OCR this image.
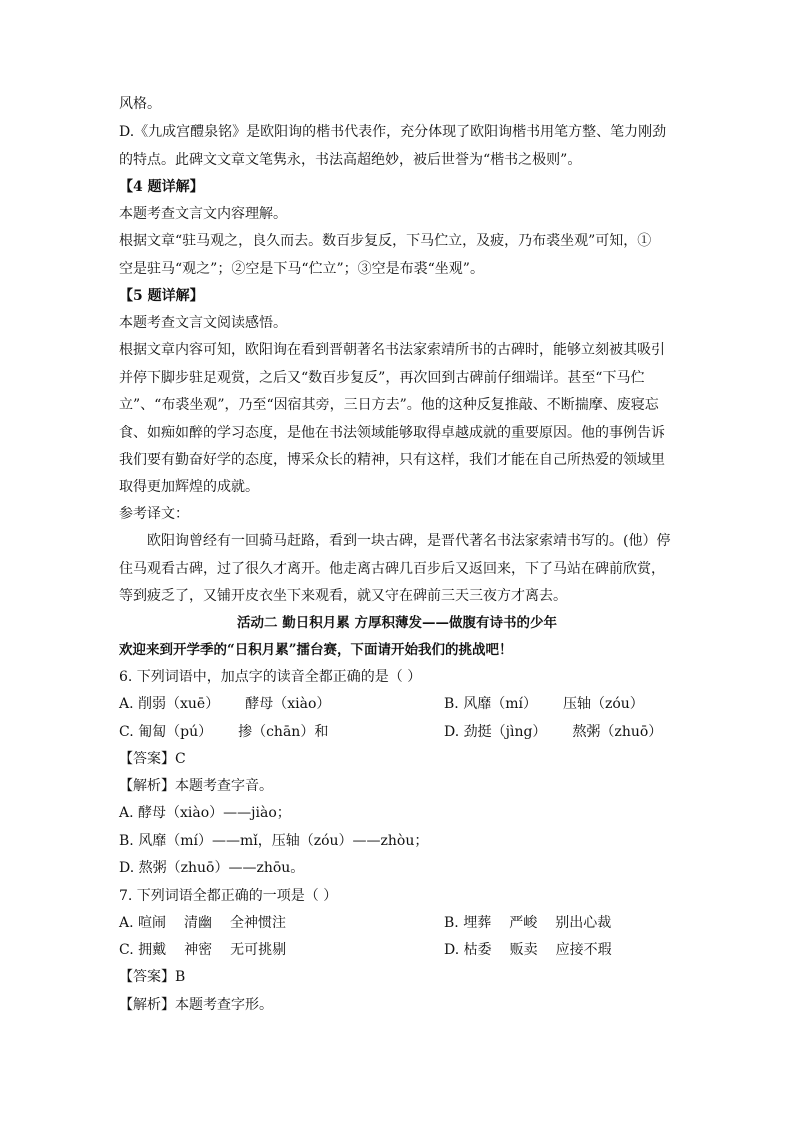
风格。
D.《九成宫醴泉铭》是欧阳询的楷书代表作，充分体现了欧阳询楷书用笔方整、笔力刚劲
的特点。此碑文文章文笔隽永，书法高超绝妙，被后世誉为“楷书之极则”。
【4 题详解】
本题考查文言文内容理解。
根据文章“驻马观之，良久而去。数百步复反，下马伫立，及疲，乃布裘坐观”可知，①
空是驻马“观之”；②空是下马“伫立”；③空是布裘“坐观”。
【5 题详解】
本题考查文言文阅读感悟。
根据文章内容可知，欧阳询在看到晋朝著名书法家索靖所书的古碑时，能够立刻被其吸引
并停下脚步驻足观赏，之后又“数百步复反”，再次回到古碑前仔细端详。甚至“下马伫
立”、“布裘坐观”，乃至“因宿其旁，三日方去”。他的这种反复推敲、不断揣摩、废寝忘
食、如痴如醉的学习态度，是他在书法领域能够取得卓越成就的重要原因。他的事例告诉
我们要有勤奋好学的态度，博采众长的精神，只有这样，我们才能在自己所热爱的领域里
取得更加辉煌的成就。
参考译文：
欧阳询曾经有一回骑马赶路，看到一块古碑，是晋代著名书法家索靖书写的。(他）停
住马观看古碑，过了很久才离开。他走离古碑几百步后又返回来，下了马站在碑前欣赏，
等到疲乏了，又铺开皮衣坐下来观看，就又守在碑前三天三夜方才离去。
活动二 勤日积月累 方厚积薄发——做腹有诗书的少年
欢迎来到开学季的“日积月累”擂台赛，下面请开始我们的挑战吧！
6. 下列词语中，加点字的读音全都正确的是（ ）
A. 削弱（xuē） 酵母（xiào）	B. 风靡（mí） 压轴（zóu）
C. 匍匐（pú） 掺（chān）和	D. 劲挺（jìng） 熬粥（zhuō）
【答案】C
【解析】本题考查字音。
A. 酵母（xiào）——jiào；
B. 风靡（mí）——mǐ，压轴（zóu）——zhòu；
D. 熬粥（zhuō）——zhōu。
7. 下列词语全都正确的一项是（ ）
A. 喧闹 清幽 全神惯注	B. 埋葬 严峻 别出心裁
C. 拥戴 神密 无可挑剔	D. 枯委 贩卖 应接不瑕
【答案】B
【解析】本题考查字形。
